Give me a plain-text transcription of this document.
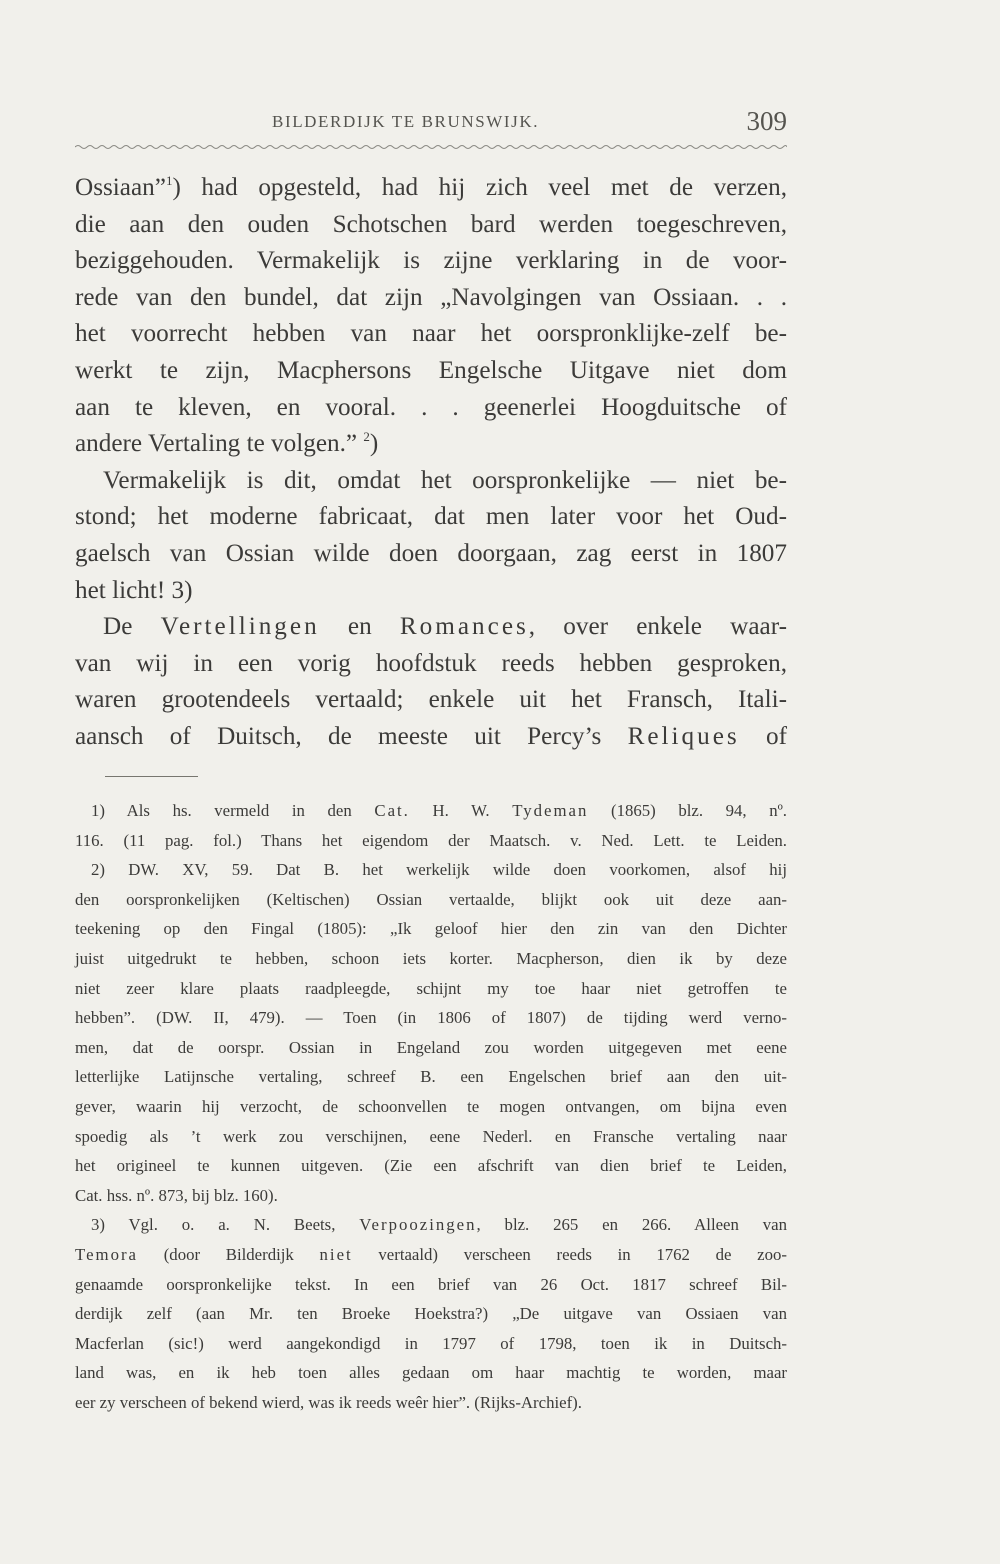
BILDERDIJK TE BRUNSWIJK.	309
Ossiaan”$^1$) had opgesteld, had hij zich veel met de verzen,
die aan den ouden Schotschen bard werden toegeschreven,
beziggehouden. Vermakelijk is zijne verklaring in de voor-
rede van den bundel, dat zijn „Navolgingen van Ossiaan. . .
het voorrecht hebben van naar het oorspronklijke-zelf be-
werkt te zijn, Macphersons Engelsche Uitgave niet dom
aan te kleven, en vooral. . . geenerlei Hoogduitsche of
andere Vertaling te volgen.” $^2$)
Vermakelijk is dit, omdat het oorspronkelijke — niet be-
stond; het moderne fabricaat, dat men later voor het Oud-
gaelsch van Ossian wilde doen doorgaan, zag eerst in 1807
het licht! 3)
De Vertellingen en Romances, over enkele waar-
van wij in een vorig hoofdstuk reeds hebben gesproken,
waren grootendeels vertaald; enkele uit het Fransch, Itali-
aansch of Duitsch, de meeste uit Percy’s Reliques of
1) Als hs. vermeld in den Cat. H. W. Tydeman (1865) blz. 94, nº.
116. (11 pag. fol.) Thans het eigendom der Maatsch. v. Ned. Lett. te Leiden.
2) DW. XV, 59. Dat B. het werkelijk wilde doen voorkomen, alsof hij
den oorspronkelijken (Keltischen) Ossian vertaalde, blijkt ook uit deze aan-
teekening op den Fingal (1805): „Ik geloof hier den zin van den Dichter
juist uitgedrukt te hebben, schoon iets korter. Macpherson, dien ik by deze
niet zeer klare plaats raadpleegde, schijnt my toe haar niet getroffen te
hebben”. (DW. II, 479). — Toen (in 1806 of 1807) de tijding werd verno-
men, dat de oorspr. Ossian in Engeland zou worden uitgegeven met eene
letterlijke Latijnsche vertaling, schreef B. een Engelschen brief aan den uit-
gever, waarin hij verzocht, de schoonvellen te mogen ontvangen, om bijna even
spoedig als ’t werk zou verschijnen, eene Nederl. en Fransche vertaling naar
het origineel te kunnen uitgeven. (Zie een afschrift van dien brief te Leiden,
Cat. hss. nº. 873, bij blz. 160).
3) Vgl. o. a. N. Beets, Verpoozingen, blz. 265 en 266. Alleen van
Temora (door Bilderdijk niet vertaald) verscheen reeds in 1762 de zoo-
genaamde oorspronkelijke tekst. In een brief van 26 Oct. 1817 schreef Bil-
derdijk zelf (aan Mr. ten Broeke Hoekstra?) „De uitgave van Ossiaen van
Macferlan (sic!) werd aangekondigd in 1797 of 1798, toen ik in Duitsch-
land was, en ik heb toen alles gedaan om haar machtig te worden, maar
eer zy verscheen of bekend wierd, was ik reeds weêr hier”. (Rijks-Archief).
